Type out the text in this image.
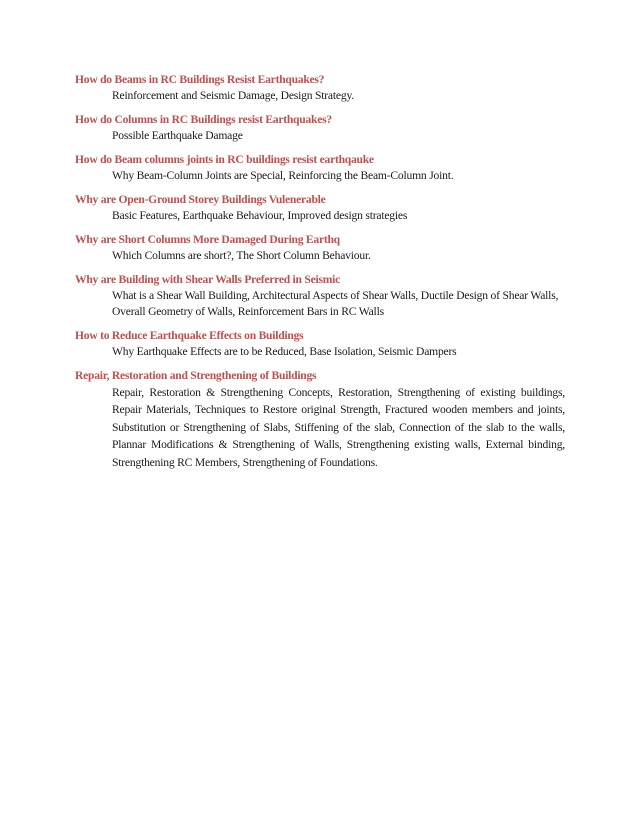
How do Beams in RC Buildings Resist Earthquakes?
Reinforcement and Seismic Damage, Design Strategy.
How do Columns in RC Buildings resist Earthquakes?
Possible Earthquake Damage
How do Beam columns joints in RC buildings resist earthqauke
Why Beam-Column Joints are Special, Reinforcing the Beam-Column Joint.
Why are Open-Ground Storey Buildings Vulenerable
Basic Features, Earthquake Behaviour, Improved design strategies
Why are Short Columns More Damaged During Earthq
Which Columns are short?, The Short Column Behaviour.
Why are Building with Shear Walls Preferred in Seismic
What is a Shear Wall Building, Architectural Aspects of Shear Walls, Ductile Design of Shear Walls, Overall Geometry of Walls, Reinforcement Bars in RC Walls
How to Reduce Earthquake Effects on Buildings
Why Earthquake Effects are to be Reduced, Base Isolation, Seismic Dampers
Repair, Restoration and Strengthening of Buildings
Repair, Restoration & Strengthening Concepts, Restoration, Strengthening of existing buildings, Repair Materials, Techniques to Restore original Strength, Fractured wooden members and joints, Substitution or Strengthening of Slabs, Stiffening of the slab, Connection of the slab to the walls, Plannar Modifications & Strengthening of Walls, Strengthening existing walls, External binding, Strengthening RC Members, Strengthening of Foundations.
